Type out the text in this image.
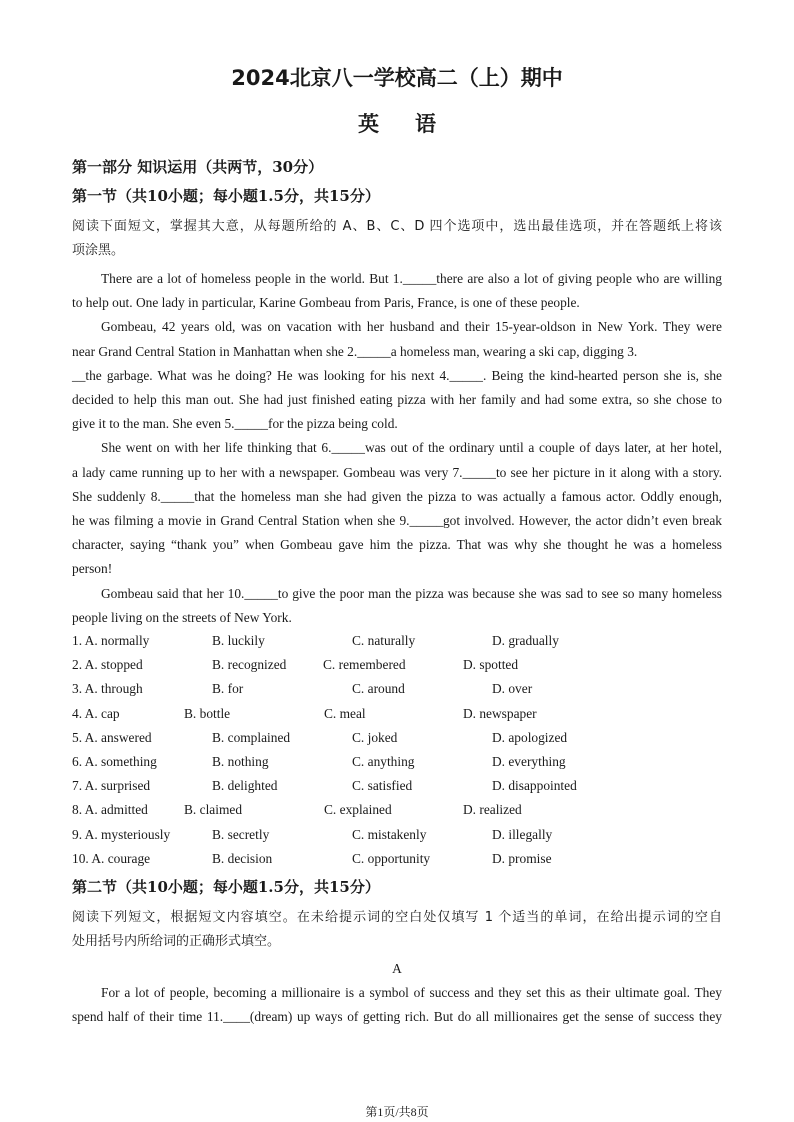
2024北京八一学校高二（上）期中
英语
第一部分 知识运用（共两节，30分）
第一节（共10小题；每小题1.5分，共15分）
阅读下面短文，掌握其大意，从每题所给的 A、B、C、D 四个选项中，选出最佳选项，并在答题纸上将该
项涂黑。
There are a lot of homeless people in the world. But 1._____there are also a lot of giving people who are willing
to help out. One lady in particular, Karine Gombeau from Paris, France, is one of these people.
Gombeau, 42 years old, was on vacation with her husband and their 15-year-oldson in New York. They were
near Grand Central Station in Manhattan when she 2._____a homeless man, wearing a ski cap, digging 3.
__the garbage. What was he doing? He was looking for his next 4._____. Being the kind-hearted person she is, she
decided to help this man out. She had just finished eating pizza with her family and had some extra, so she chose to
give it to the man. She even 5._____for the pizza being cold.
She went on with her life thinking that 6._____was out of the ordinary until a couple of days later, at her hotel,
a lady came running up to her with a newspaper. Gombeau was very 7._____to see her picture in it along with a story.
She suddenly 8._____that the homeless man she had given the pizza to was actually a famous actor. Oddly enough,
he was filming a movie in Grand Central Station when she 9._____got involved. However, the actor didn’t even break
character, saying “thank you” when Gombeau gave him the pizza. That was why she thought he was a homeless
person!
Gombeau said that her 10._____to give the poor man the pizza was because she was sad to see so many homeless
people living on the streets of New York.
1. A. normally	B. luckily	C. naturally	D. gradually
2. A. stopped	B. recognized	C. remembered	D. spotted
3. A. through	B. for	C. around	D. over
4. A. cap	B. bottle	C. meal	D. newspaper
5. A. answered	B. complained	C. joked	D. apologized
6. A. something	B. nothing	C. anything	D. everything
7. A. surprised	B. delighted	C. satisfied	D. disappointed
8. A. admitted	B. claimed	C. explained	D. realized
9. A. mysteriously	B. secretly	C. mistakenly	D. illegally
10. A. courage	B. decision	C. opportunity	D. promise
第二节（共10小题；每小题1.5分，共15分）
阅读下列短文，根据短文内容填空。在未给提示词的空白处仅填写 1 个适当的单词，在给出提示词的空自
处用括号内所给词的正确形式填空。
A
For a lot of people, becoming a millionaire is a symbol of success and they set this as their ultimate goal. They
spend half of their time 11.____(dream) up ways of getting rich. But do all millionaires get the sense of success they
第1页/共8页
